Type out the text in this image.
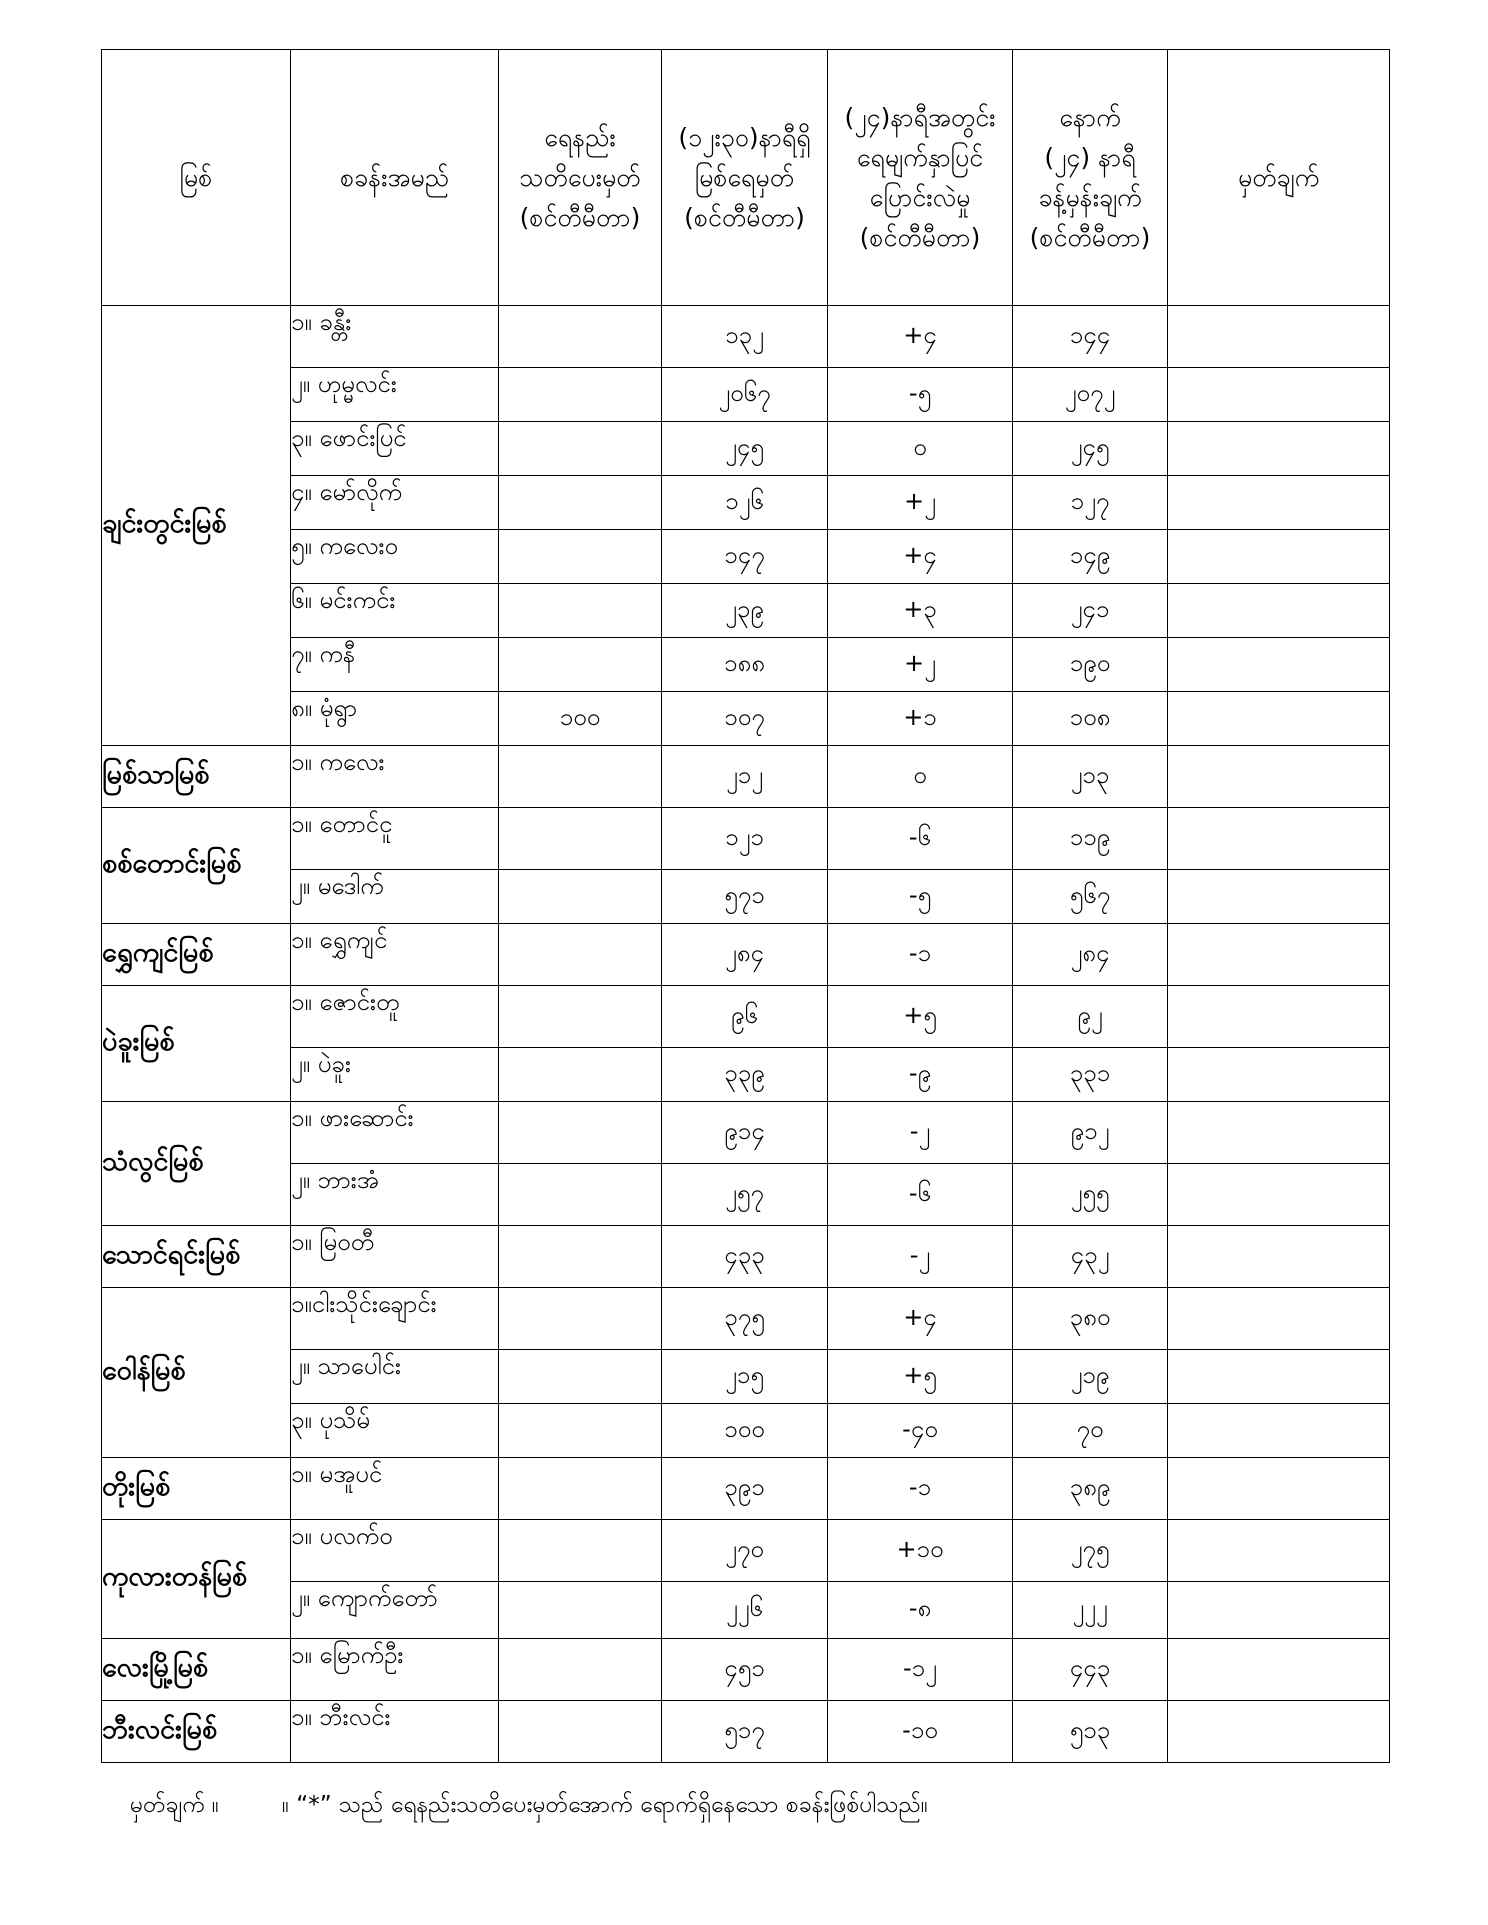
မြစ်	စခန်းအမည်	ရေနည်း
သတိပေးမှတ်
(စင်တီမီတာ)	(၁၂း၃၀)နာရီရှိ
မြစ်ရေမှတ်
(စင်တီမီတာ)	(၂၄)နာရီအတွင်း
ရေမျက်နှာပြင်
ပြောင်းလဲမှု
(စင်တီမီတာ)	နောက်
(၂၄) နာရီ
ခန့်မှန်းချက်
(စင်တီမီတာ)	မှတ်ချက်
ချင်းတွင်းမြစ်	၁။ ခန္တီး		၁၃၂	+၄	၁၄၄	
	၂။ ဟုမ္မလင်း		၂၀၆၇	-၅	၂၀၇၂	
	၃။ ဖောင်းပြင်		၂၄၅	၀	၂၄၅	
	၄။ မော်လိုက်		၁၂၆	+၂	၁၂၇	
	၅။ ကလေးဝ		၁၄၇	+၄	၁၄၉	
	၆။ မင်းကင်း		၂၃၉	+၃	၂၄၁	
	၇။ ကနီ		၁၈၈	+၂	၁၉၀	
	၈။ မုံရွာ	၁၀၀	၁၀၇	+၁	၁၀၈	
မြစ်သာမြစ်	၁။ ကလေး		၂၁၂	၀	၂၁၃	
စစ်တောင်းမြစ်	၁။ တောင်ငူ		၁၂၁	-၆	၁၁၉	
	၂။ မဒေါက်		၅၇၁	-၅	၅၆၇	
ရွှေကျင်မြစ်	၁။ ရွှေကျင်		၂၈၄	-၁	၂၈၄	
ပဲခူးမြစ်	၁။ ဇောင်းတူ		၉၆	+၅	၉၂	
	၂။ ပဲခူး		၃၃၉	-၉	၃၃၁	
သံလွင်မြစ်	၁။ ဖားဆောင်း		၉၁၄	-၂	၉၁၂	
	၂။ ဘားအံ		၂၅၇	-၆	၂၅၅	
သောင်ရင်းမြစ်	၁။ မြဝတီ		၄၃၃	-၂	၄၃၂	
ဝေါန်မြစ်	၁။ငါးသိုင်းချောင်း		၃၇၅	+၄	၃၈၀	
	၂။ သာပေါင်း		၂၁၅	+၅	၂၁၉	
	၃။ ပုသိမ်		၁၀၀	-၄၀	၇၀	
တိုးမြစ်	၁။ မအူပင်		၃၉၁	-၁	၃၈၉	
ကုလားတန်မြစ်	၁။ ပလက်ဝ		၂၇၀	+၁၀	၂၇၅	
	၂။ ကျောက်တော်		၂၂၆	-၈	၂၂၂	
လေးမြို့မြစ်	၁။ မြောက်ဦး		၄၅၁	-၁၂	၄၄၃	
ဘီးလင်းမြစ်	၁။ ဘီးလင်း		၅၁၇	-၁၀	၅၁၃	
မှတ်ချက် ။	။ “*” သည် ရေနည်းသတိပေးမှတ်အောက် ရောက်ရှိနေသော စခန်းဖြစ်ပါသည်။
